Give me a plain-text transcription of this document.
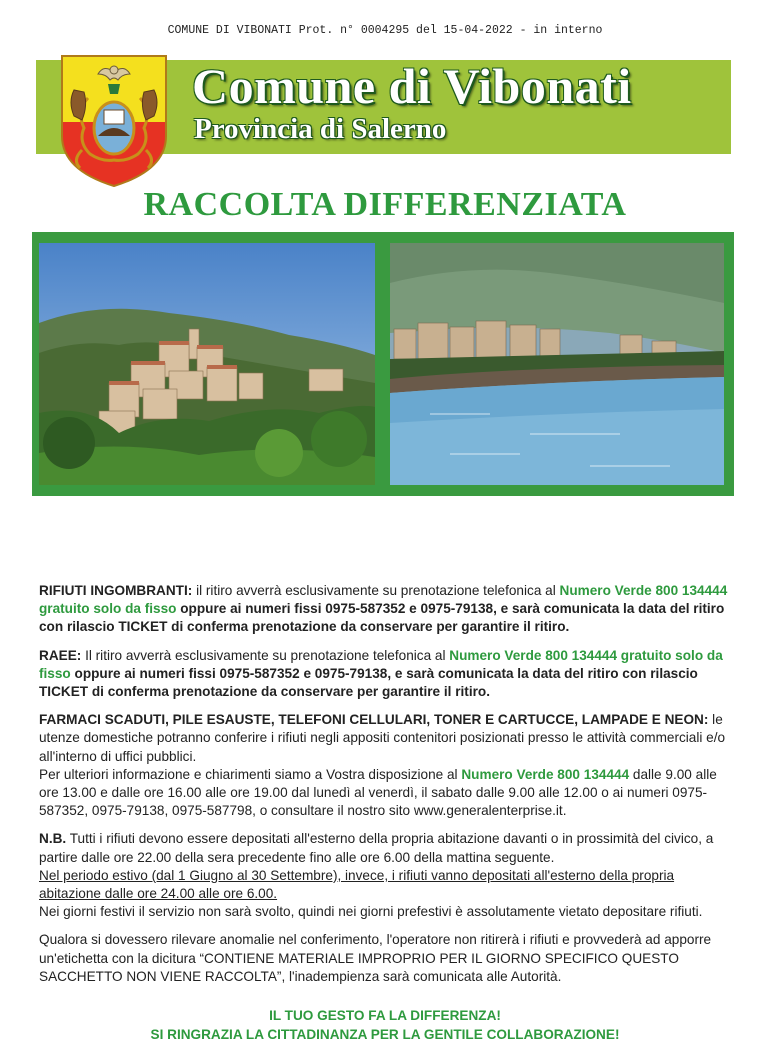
COMUNE DI VIBONATI Prot. n° 0004295 del 15-04-2022 - in interno
Comune di Vibonati
Provincia di Salerno
RACCOLTA DIFFERENZIATA

RIFIUTI INGOMBRANTI: il ritiro avverrà esclusivamente su prenotazione telefonica al Numero Verde 800 134444 gratuito solo da fisso oppure ai numeri fissi 0975-587352 e 0975-79138, e sarà comunicata la data del ritiro con rilascio TICKET di conferma prenotazione da conservare per garantire il ritiro.

RAEE: Il ritiro avverrà esclusivamente su prenotazione telefonica al Numero Verde 800 134444 gratuito solo da fisso oppure ai numeri fissi 0975-587352 e 0975-79138, e sarà comunicata la data del ritiro con rilascio TICKET di conferma prenotazione da conservare per garantire il ritiro.

FARMACI SCADUTI, PILE ESAUSTE, TELEFONI CELLULARI, TONER E CARTUCCE, LAMPADE E NEON: le utenze domestiche potranno conferire i rifiuti negli appositi contenitori posizionati presso le attività commerciali e/o all'interno di uffici pubblici.
Per ulteriori informazione e chiarimenti siamo a Vostra disposizione al Numero Verde 800 134444 dalle 9.00 alle ore 13.00 e dalle ore 16.00 alle ore 19.00 dal lunedì al venerdì, il sabato dalle 9.00 alle 12.00 o ai numeri 0975-587352, 0975-79138, 0975-587798, o consultare il nostro sito www.generalenterprise.it.

N.B. Tutti i rifiuti devono essere depositati all'esterno della propria abitazione davanti o in prossimità del civico, a partire dalle ore 22.00 della sera precedente fino alle ore 6.00 della mattina seguente.
Nel periodo estivo (dal 1 Giugno al 30 Settembre), invece, i rifiuti vanno depositati all'esterno della propria abitazione dalle ore 24.00 alle ore 6.00.
Nei giorni festivi il servizio non sarà svolto, quindi nei giorni prefestivi è assolutamente vietato depositare rifiuti.

Qualora si dovessero rilevare anomalie nel conferimento, l'operatore non ritirerà i rifiuti e provvederà ad apporre un'etichetta con la dicitura “CONTIENE MATERIALE IMPROPRIO PER IL GIORNO SPECIFICO QUESTO SACCHETTO NON VIENE RACCOLTA”, l'inadempienza sarà comunicata alle Autorità.

IL TUO GESTO FA LA DIFFERENZA!
SI RINGRAZIA LA CITTADINANZA PER LA GENTILE COLLABORAZIONE!
